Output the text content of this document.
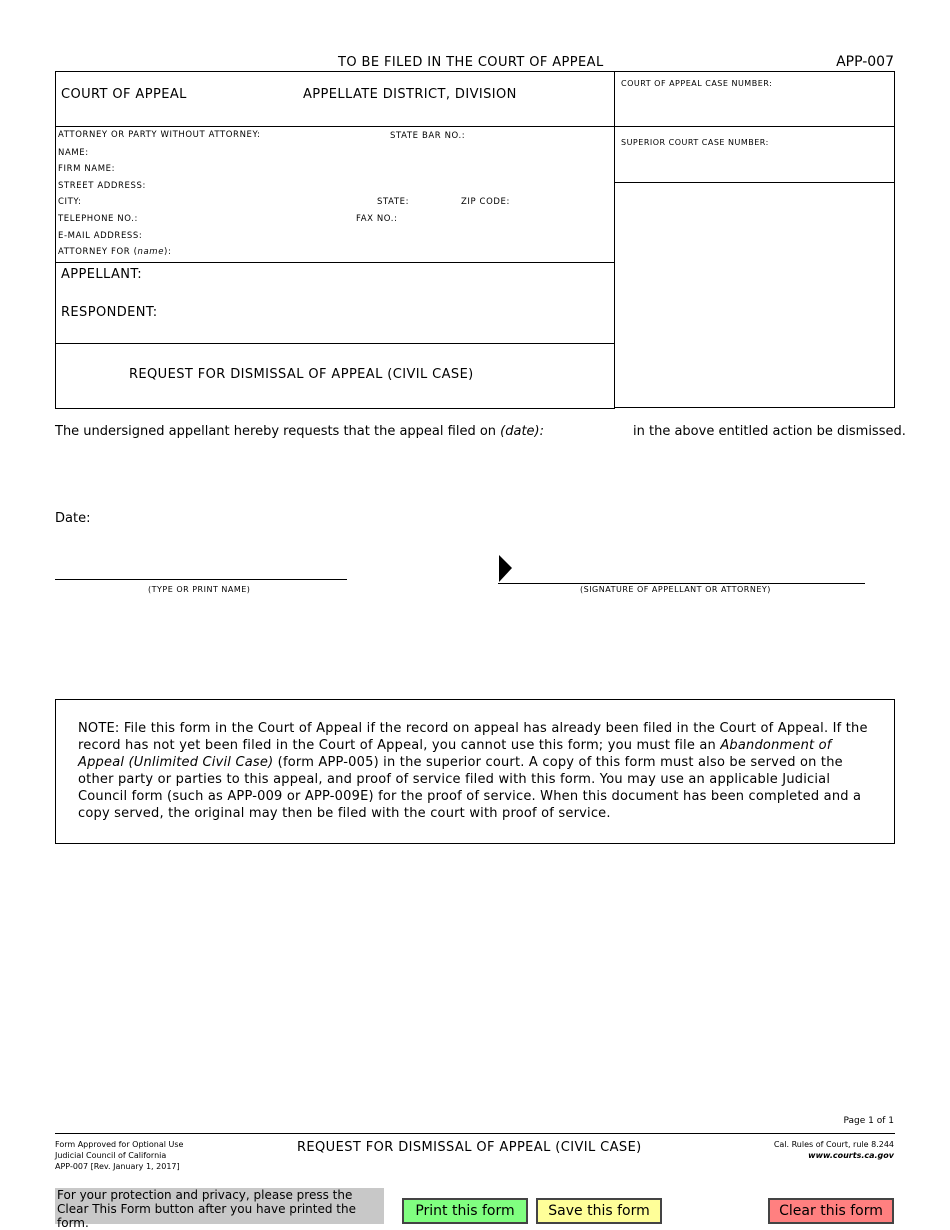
TO BE FILED IN THE COURT OF APPEAL	APP-007
COURT OF APPEAL	APPELLATE DISTRICT, DIVISION
ATTORNEY OR PARTY WITHOUT ATTORNEY:	STATE BAR NO.:
NAME:
FIRM NAME:
STREET ADDRESS:
CITY:	STATE:	ZIP CODE:
TELEPHONE NO.:	FAX NO.:
E-MAIL ADDRESS:
ATTORNEY FOR (name):
APPELLANT:
RESPONDENT:
REQUEST FOR DISMISSAL OF APPEAL (CIVIL CASE)
COURT OF APPEAL CASE NUMBER:
SUPERIOR COURT CASE NUMBER:
The undersigned appellant hereby requests that the appeal filed on (date):	in the above entitled action be dismissed.
Date:
(TYPE OR PRINT NAME)	(SIGNATURE OF APPELLANT OR ATTORNEY)
NOTE: File this form in the Court of Appeal if the record on appeal has already been filed in the Court of Appeal. If the record has not yet been filed in the Court of Appeal, you cannot use this form; you must file an Abandonment of Appeal (Unlimited Civil Case) (form APP-005) in the superior court. A copy of this form must also be served on the other party or parties to this appeal, and proof of service filed with this form. You may use an applicable Judicial Council form (such as APP-009 or APP-009E) for the proof of service. When this document has been completed and a copy served, the original may then be filed with the court with proof of service.
Page 1 of 1
Form Approved for Optional Use
Judicial Council of California
APP-007 [Rev. January 1, 2017]
REQUEST FOR DISMISSAL OF APPEAL (CIVIL CASE)	Cal. Rules of Court, rule 8.244
www.courts.ca.gov
For your protection and privacy, please press the Clear This Form button after you have printed the form.
Print this form	Save this form	Clear this form
